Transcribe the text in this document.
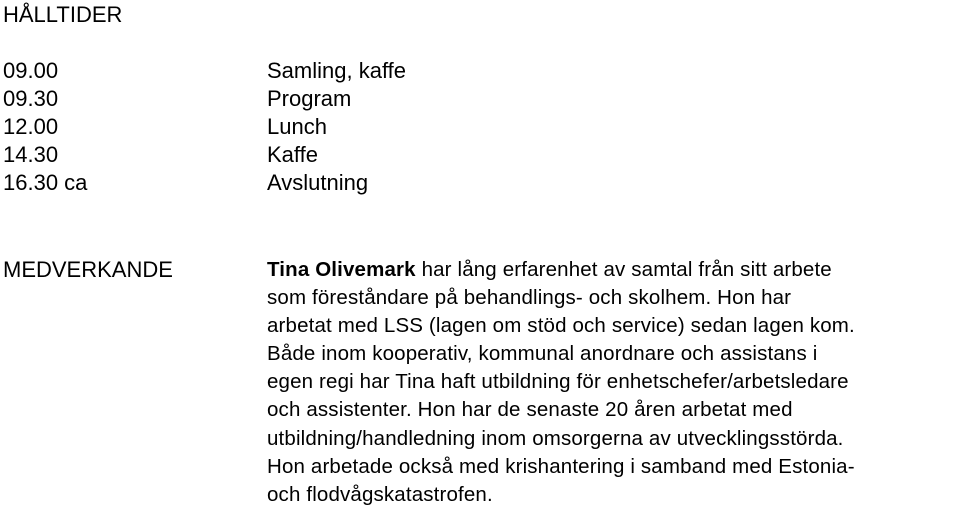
HÅLLTIDER
09.00	Samling, kaffe
09.30	Program
12.00	Lunch
14.30	Kaffe
16.30 ca	Avslutning
MEDVERKANDE	Tina Olivemark har lång erfarenhet av samtal från sitt arbete
som föreståndare på behandlings- och skolhem. Hon har
arbetat med LSS (lagen om stöd och service) sedan lagen kom.
Både inom kooperativ, kommunal anordnare och assistans i
egen regi har Tina haft utbildning för enhetschefer/arbetsledare
och assistenter. Hon har de senaste 20 åren arbetat med
utbildning/handledning inom omsorgerna av utvecklingsstörda.
Hon arbetade också med krishantering i samband med Estonia-
och flodvågskatastrofen.
